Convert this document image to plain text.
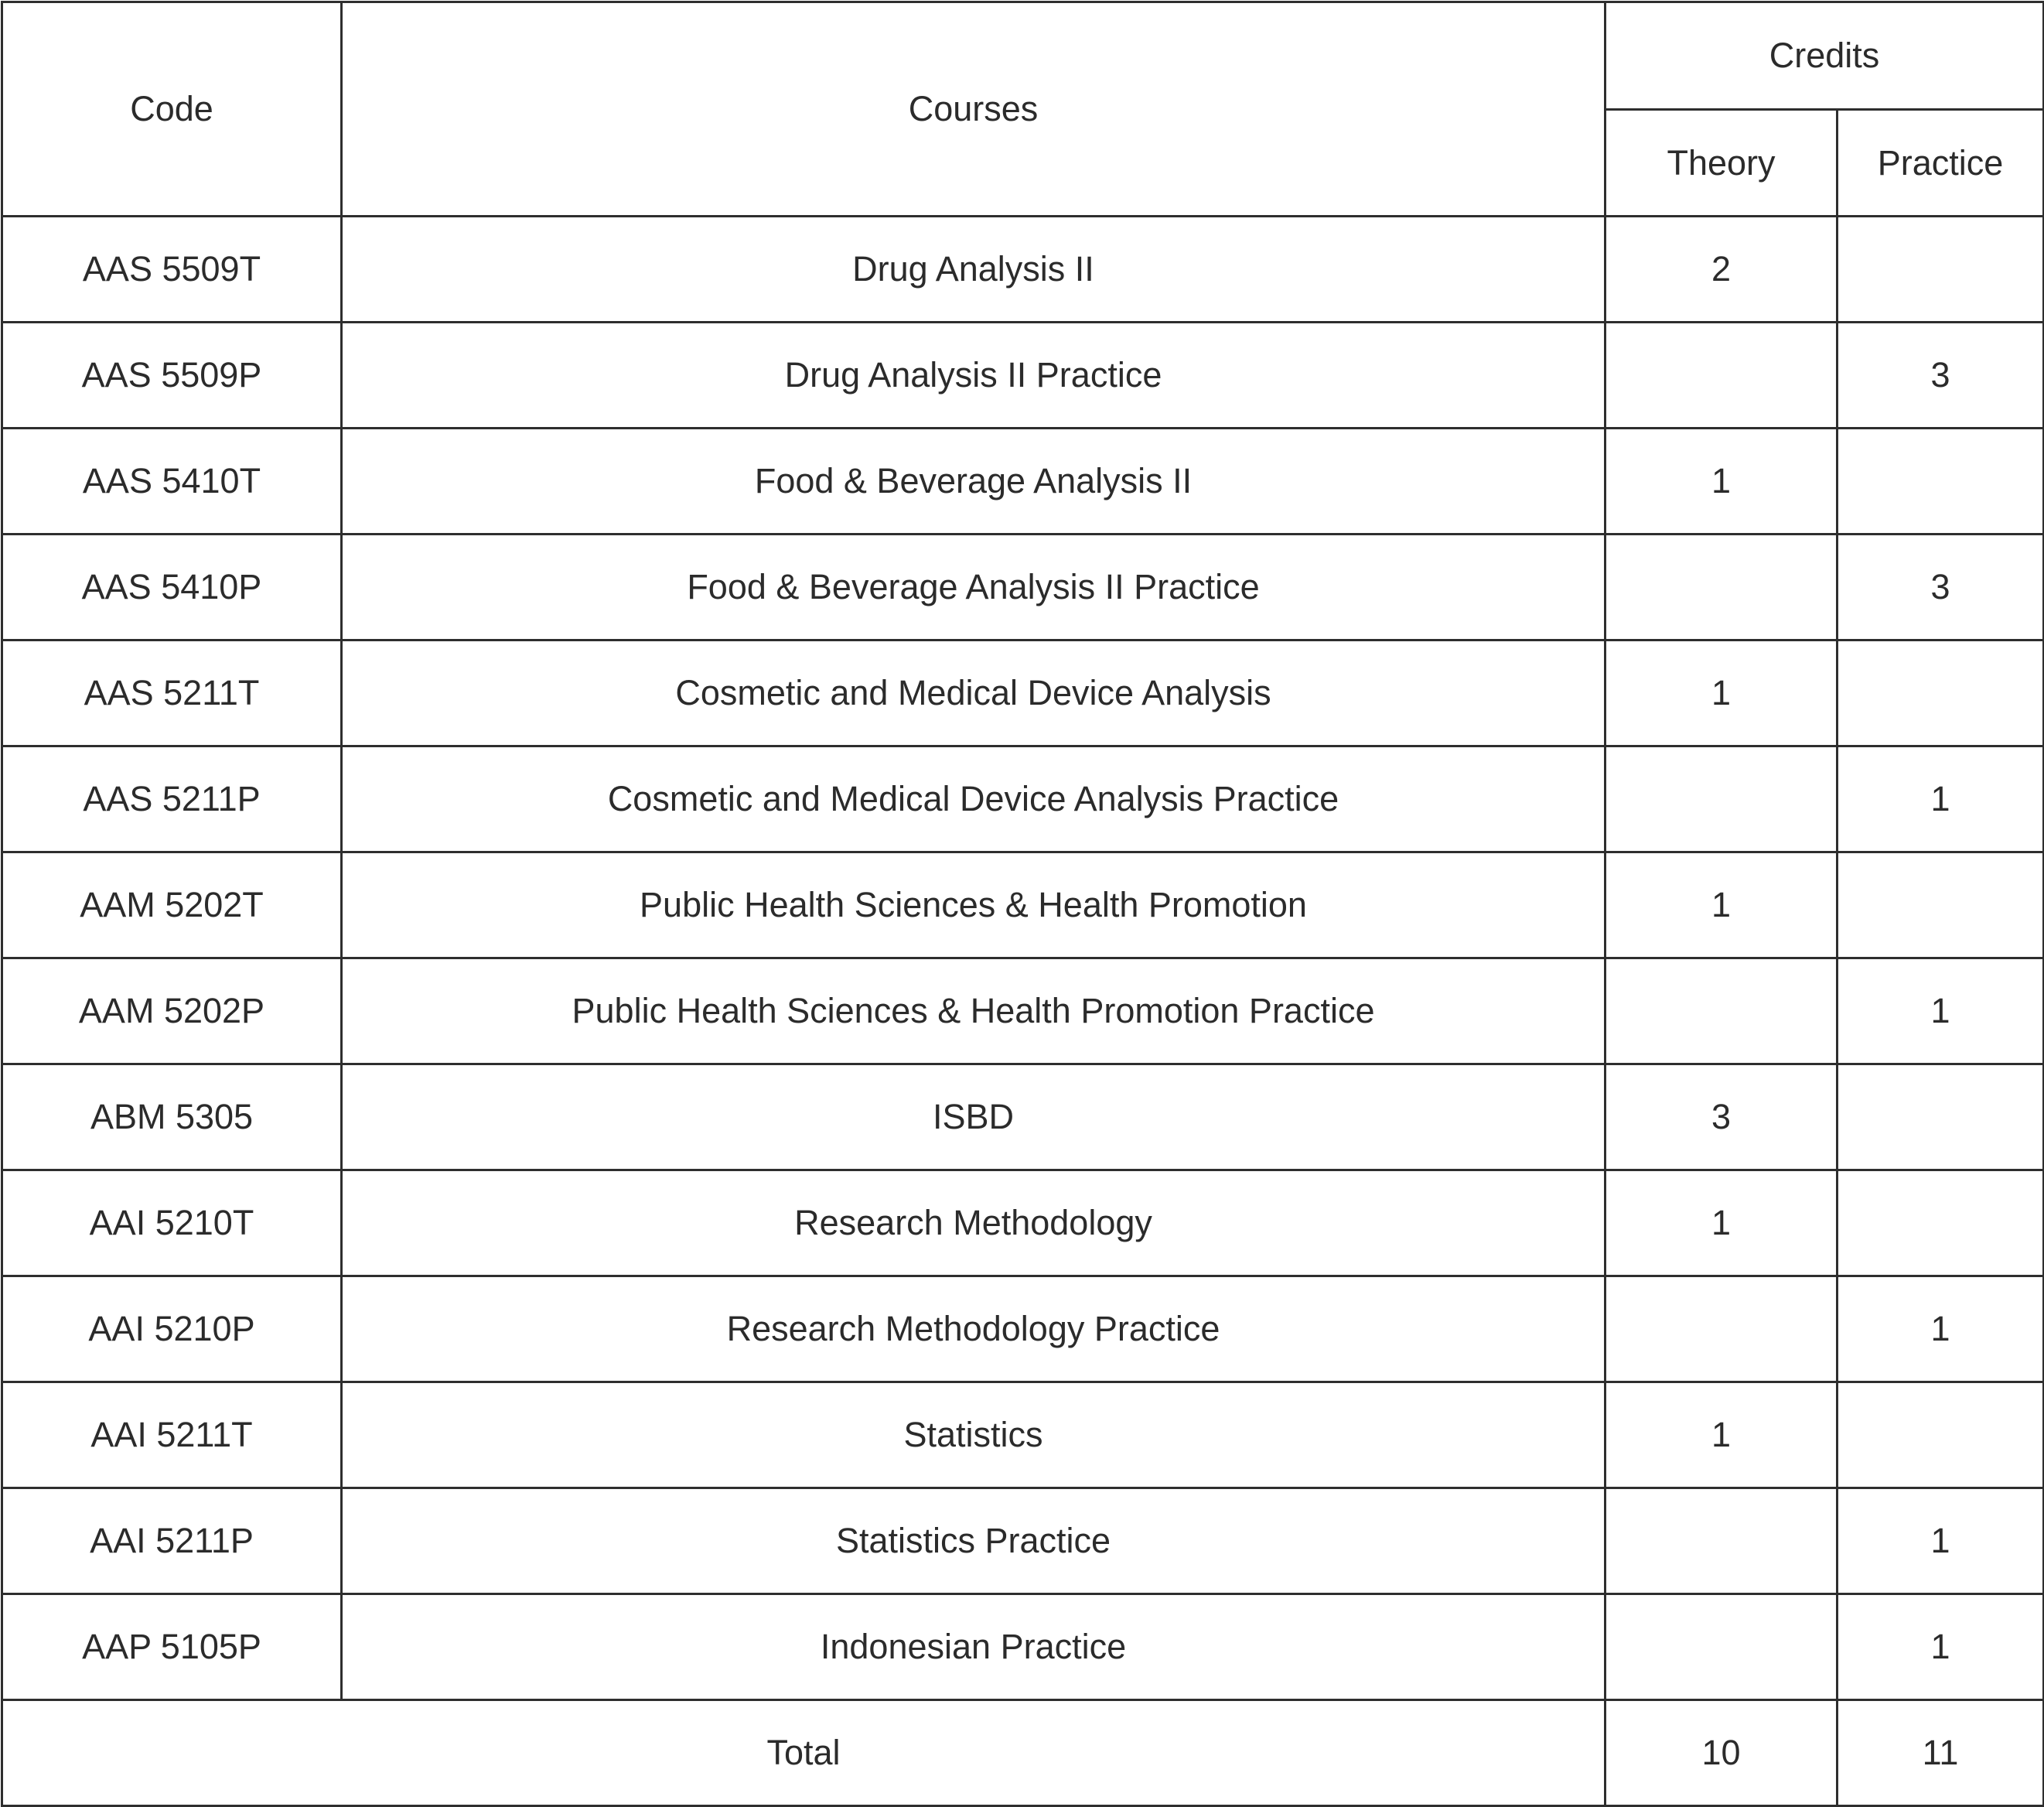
Code	Courses	Credits	
		Theory	Practice
AAS 5509T	Drug Analysis II	2	
AAS 5509P	Drug Analysis II Practice		3
AAS 5410T	Food & Beverage Analysis II	1	
AAS 5410P	Food & Beverage Analysis II Practice		3
AAS 5211T	Cosmetic and Medical Device Analysis	1	
AAS 5211P	Cosmetic and Medical Device Analysis Practice		1
AAM 5202T	Public Health Sciences & Health Promotion	1	
AAM 5202P	Public Health Sciences & Health Promotion Practice		1
ABM 5305	ISBD	3	
AAI 5210T	Research Methodology	1	
AAI 5210P	Research Methodology Practice		1
AAI 5211T	Statistics	1	
AAI 5211P	Statistics Practice		1
AAP 5105P	Indonesian Practice		1
Total		10	11
